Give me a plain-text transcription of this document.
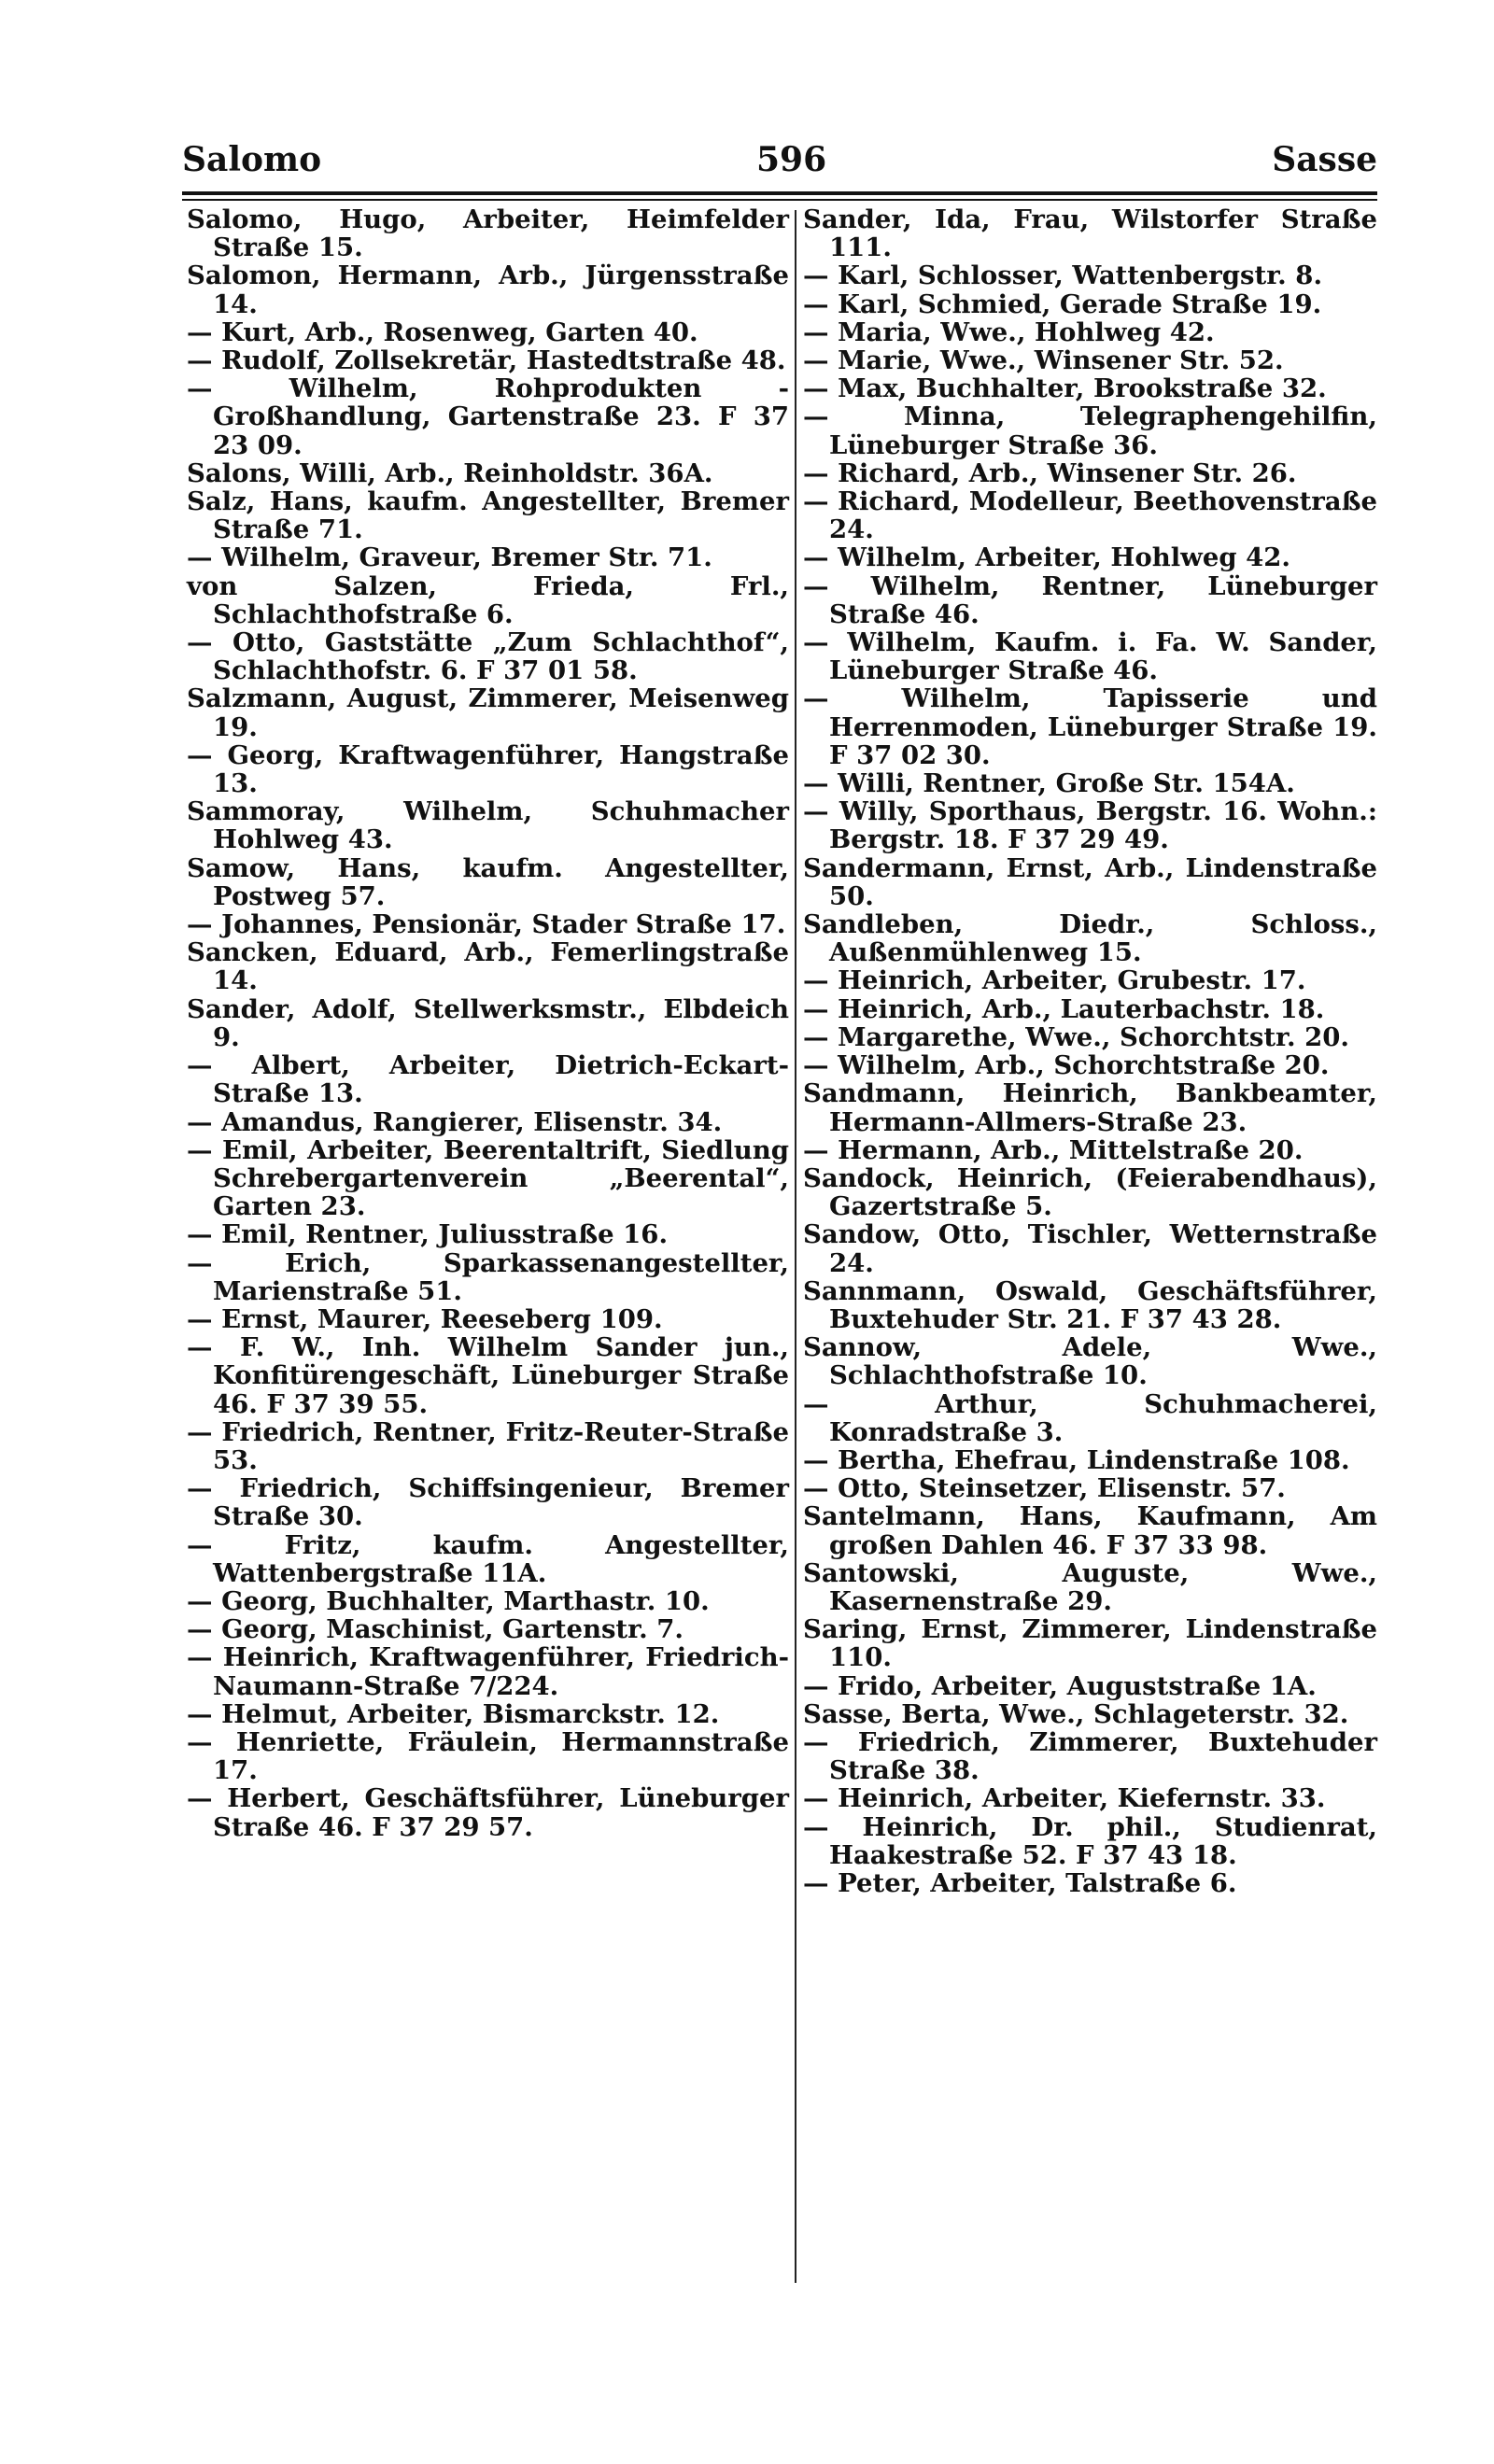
Salomo	596	Sasse
Salomo, Hugo, Arbeiter, Heimfelder Straße 15.
Salomon, Hermann, Arb., Jürgensstraße 14.
— Kurt, Arb., Rosenweg, Garten 40.
— Rudolf, Zollsekretär, Hastedtstraße 48.
— Wilhelm, Rohprodukten - Großhandlung, Gartenstraße 23. F 37 23 09.
Salons, Willi, Arb., Reinholdstr. 36A.
Salz, Hans, kaufm. Angestellter, Bremer Straße 71.
— Wilhelm, Graveur, Bremer Str. 71.
von Salzen, Frieda, Frl., Schlachthofstraße 6.
— Otto, Gaststätte „Zum Schlachthof“, Schlachthofstr. 6. F 37 01 58.
Salzmann, August, Zimmerer, Meisenweg 19.
— Georg, Kraftwagenführer, Hangstraße 13.
Sammoray, Wilhelm, Schuhmacher Hohlweg 43.
Samow, Hans, kaufm. Angestellter, Postweg 57.
— Johannes, Pensionär, Stader Straße 17.
Sancken, Eduard, Arb., Femerlingstraße 14.
Sander, Adolf, Stellwerksmstr., Elbdeich 9.
— Albert, Arbeiter, Dietrich-Eckart-Straße 13.
— Amandus, Rangierer, Elisenstr. 34.
— Emil, Arbeiter, Beerentaltrift, Siedlung Schrebergartenverein „Beerental“, Garten 23.
— Emil, Rentner, Juliusstraße 16.
— Erich, Sparkassenangestellter, Marienstraße 51.
— Ernst, Maurer, Reeseberg 109.
— F. W., Inh. Wilhelm Sander jun., Konfitürengeschäft, Lüneburger Straße 46. F 37 39 55.
— Friedrich, Rentner, Fritz-Reuter-Straße 53.
— Friedrich, Schiffsingenieur, Bremer Straße 30.
— Fritz, kaufm. Angestellter, Wattenbergstraße 11A.
— Georg, Buchhalter, Marthastr. 10.
— Georg, Maschinist, Gartenstr. 7.
— Heinrich, Kraftwagenführer, Friedrich-Naumann-Straße 7/224.
— Helmut, Arbeiter, Bismarckstr. 12.
— Henriette, Fräulein, Hermannstraße 17.
— Herbert, Geschäftsführer, Lüneburger Straße 46. F 37 29 57.
Sander, Ida, Frau, Wilstorfer Straße 111.
— Karl, Schlosser, Wattenbergstr. 8.
— Karl, Schmied, Gerade Straße 19.
— Maria, Wwe., Hohlweg 42.
— Marie, Wwe., Winsener Str. 52.
— Max, Buchhalter, Brookstraße 32.
— Minna, Telegraphengehilfin, Lüneburger Straße 36.
— Richard, Arb., Winsener Str. 26.
— Richard, Modelleur, Beethovenstraße 24.
— Wilhelm, Arbeiter, Hohlweg 42.
— Wilhelm, Rentner, Lüneburger Straße 46.
— Wilhelm, Kaufm. i. Fa. W. Sander, Lüneburger Straße 46.
— Wilhelm, Tapisserie und Herrenmoden, Lüneburger Straße 19. F 37 02 30.
— Willi, Rentner, Große Str. 154A.
— Willy, Sporthaus, Bergstr. 16. Wohn.: Bergstr. 18. F 37 29 49.
Sandermann, Ernst, Arb., Lindenstraße 50.
Sandleben, Diedr., Schloss., Außenmühlenweg 15.
— Heinrich, Arbeiter, Grubestr. 17.
— Heinrich, Arb., Lauterbachstr. 18.
— Margarethe, Wwe., Schorchtstr. 20.
— Wilhelm, Arb., Schorchtstraße 20.
Sandmann, Heinrich, Bankbeamter, Hermann-Allmers-Straße 23.
— Hermann, Arb., Mittelstraße 20.
Sandock, Heinrich, (Feierabendhaus), Gazertstraße 5.
Sandow, Otto, Tischler, Wetternstraße 24.
Sannmann, Oswald, Geschäftsführer, Buxtehuder Str. 21. F 37 43 28.
Sannow, Adele, Wwe., Schlachthofstraße 10.
— Arthur, Schuhmacherei, Konradstraße 3.
— Bertha, Ehefrau, Lindenstraße 108.
— Otto, Steinsetzer, Elisenstr. 57.
Santelmann, Hans, Kaufmann, Am großen Dahlen 46. F 37 33 98.
Santowski, Auguste, Wwe., Kasernenstraße 29.
Saring, Ernst, Zimmerer, Lindenstraße 110.
— Frido, Arbeiter, Auguststraße 1A.
Sasse, Berta, Wwe., Schlageterstr. 32.
— Friedrich, Zimmerer, Buxtehuder Straße 38.
— Heinrich, Arbeiter, Kiefernstr. 33.
— Heinrich, Dr. phil., Studienrat, Haakestraße 52. F 37 43 18.
— Peter, Arbeiter, Talstraße 6.
